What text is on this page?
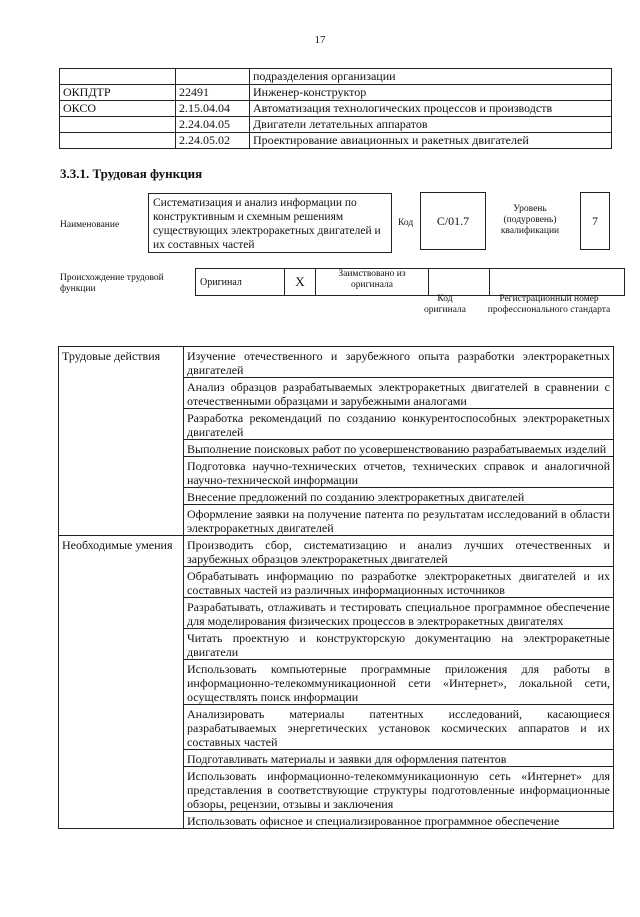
17
		подразделения организации
ОКПДТР	22491	Инженер-конструктор
ОКСО	2.15.04.04	Автоматизация технологических процессов и производств
	2.24.04.05	Двигатели летательных аппаратов
	2.24.05.02	Проектирование авиационных и ракетных двигателей
3.3.1. Трудовая функция
Наименование
Систематизация и анализ информации по конструктивным и схемным решениям существующих электроракетных двигателей и их составных частей
Код	C/01.7
Уровень (подуровень) квалификации
7
Происхождение трудовой функции
Оригинал	X	Заимствовано из оригинала		
Код оригинала
Регистрационный номер профессионального стандарта
Трудовые действия	Изучение отечественного и зарубежного опыта разработки электроракетных двигателей
	Анализ образцов разрабатываемых электроракетных двигателей в сравнении с отечественными образцами и зарубежными аналогами
	Разработка рекомендаций по созданию конкурентоспособных электроракетных двигателей
	Выполнение поисковых работ по усовершенствованию разрабатываемых изделий
	Подготовка научно-технических отчетов, технических справок и аналогичной научно-технической информации
	Внесение предложений по созданию электроракетных двигателей
	Оформление заявки на получение патента по результатам исследований в области электроракетных двигателей
Необходимые умения	Производить сбор, систематизацию и анализ лучших отечественных и зарубежных образцов электроракетных двигателей
	Обрабатывать информацию по разработке электроракетных двигателей и их составных частей из различных информационных источников
	Разрабатывать, отлаживать и тестировать специальное программное обеспечение для моделирования физических процессов в электроракетных двигателях
	Читать проектную и конструкторскую документацию на электроракетные двигатели
	Использовать компьютерные программные приложения для работы в информационно-телекоммуникационной сети «Интернет», локальной сети, осуществлять поиск информации
	Анализировать материалы патентных исследований, касающиеся разрабатываемых энергетических установок космических аппаратов и их составных частей
	Подготавливать материалы и заявки для оформления патентов
	Использовать информационно-телекоммуникационную сеть «Интернет» для представления в соответствующие структуры подготовленные информационные обзоры, рецензии, отзывы и заключения
	Использовать офисное и специализированное программное обеспечение
